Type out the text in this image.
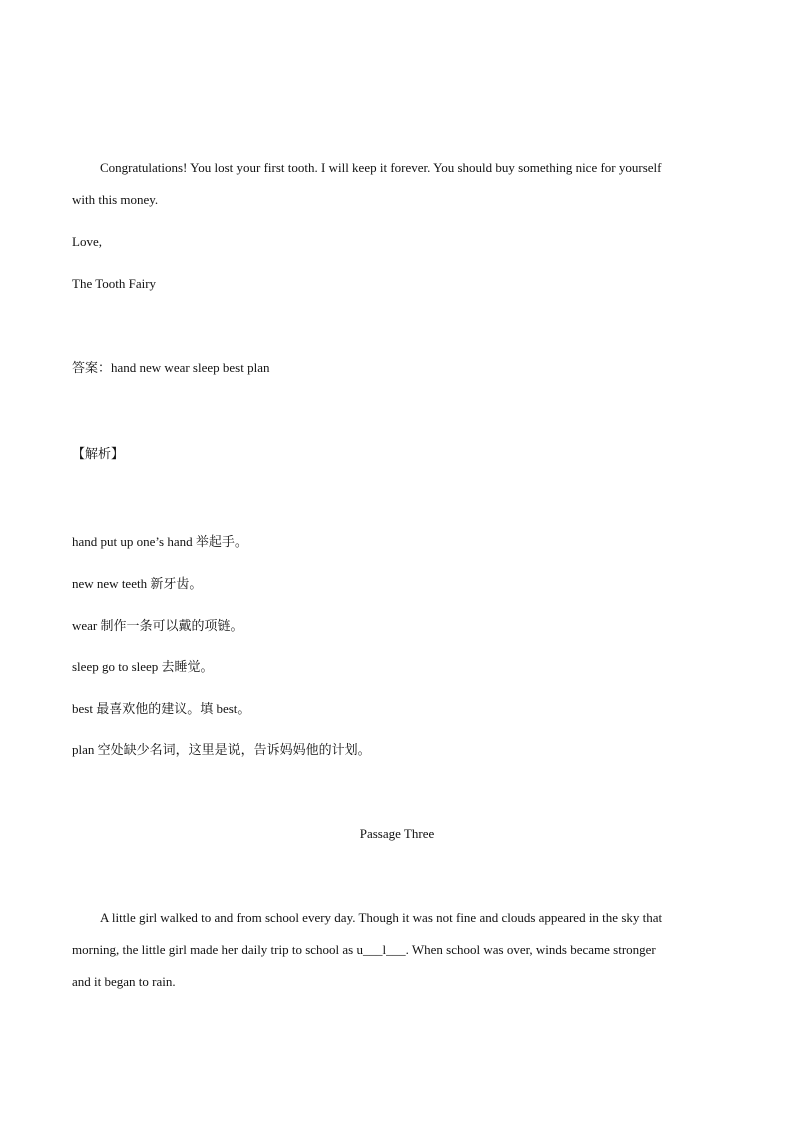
Congratulations! You lost your first tooth. I will keep it forever. You should buy something nice for yourself

with this money.

Love,

The Tooth Fairy

答案：hand new wear sleep best plan

【解析】

hand put up one’s hand 举起手。

new new teeth 新牙齿。

wear 制作一条可以戴的项链。

sleep go to sleep 去睡觉。

best 最喜欢他的建议。填 best。

plan 空处缺少名词，这里是说，告诉妈妈他的计划。

Passage Three

A little girl walked to and from school every day. Though it was not fine and clouds appeared in the sky that

morning, the little girl made her daily trip to school as u___l___. When school was over, winds became stronger

and it began to rain.
